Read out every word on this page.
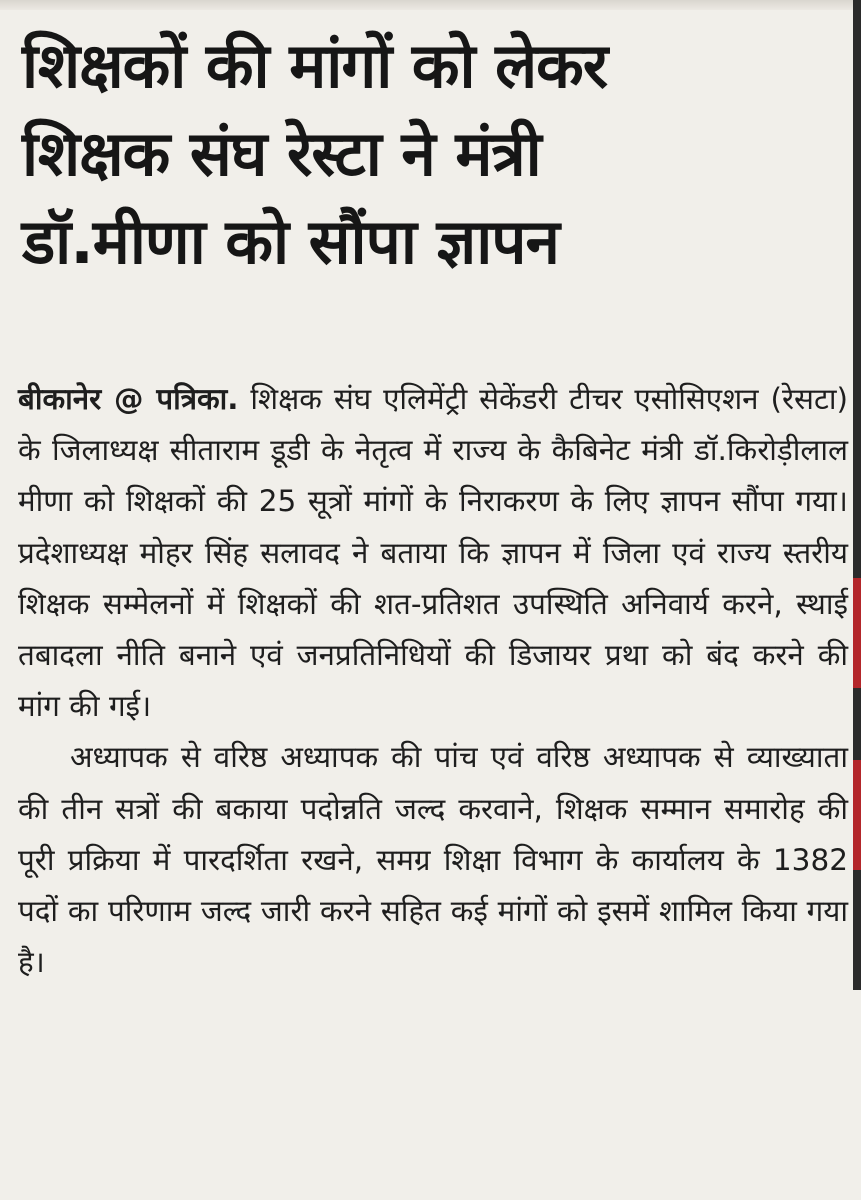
शिक्षकों की मांगों को लेकर
शिक्षक संघ रेस्टा ने मंत्री
डॉ.मीणा को सौंपा ज्ञापन

बीकानेर @ पत्रिका. शिक्षक संघ एलिमेंट्री सेकेंडरी टीचर एसोसिएशन (रेसटा) के जिलाध्यक्ष सीताराम डूडी के नेतृत्व में राज्य के कैबिनेट मंत्री डॉ.किरोड़ीलाल मीणा को शिक्षकों की 25 सूत्रों मांगों के निराकरण के लिए ज्ञापन सौंपा गया। प्रदेशाध्यक्ष मोहर सिंह सलावद ने बताया कि ज्ञापन में जिला एवं राज्य स्तरीय शिक्षक सम्मेलनों में शिक्षकों की शत-प्रतिशत उपस्थिति अनिवार्य करने, स्थाई तबादला नीति बनाने एवं जनप्रतिनिधियों की डिजायर प्रथा को बंद करने की मांग की गई।

अध्यापक से वरिष्ठ अध्यापक की पांच एवं वरिष्ठ अध्यापक से व्याख्याता की तीन सत्रों की बकाया पदोन्नति जल्द करवाने, शिक्षक सम्मान समारोह की पूरी प्रक्रिया में पारदर्शिता रखने, समग्र शिक्षा विभाग के कार्यालय के 1382 पदों का परिणाम जल्द जारी करने सहित कई मांगों को इसमें शामिल किया गया है।
